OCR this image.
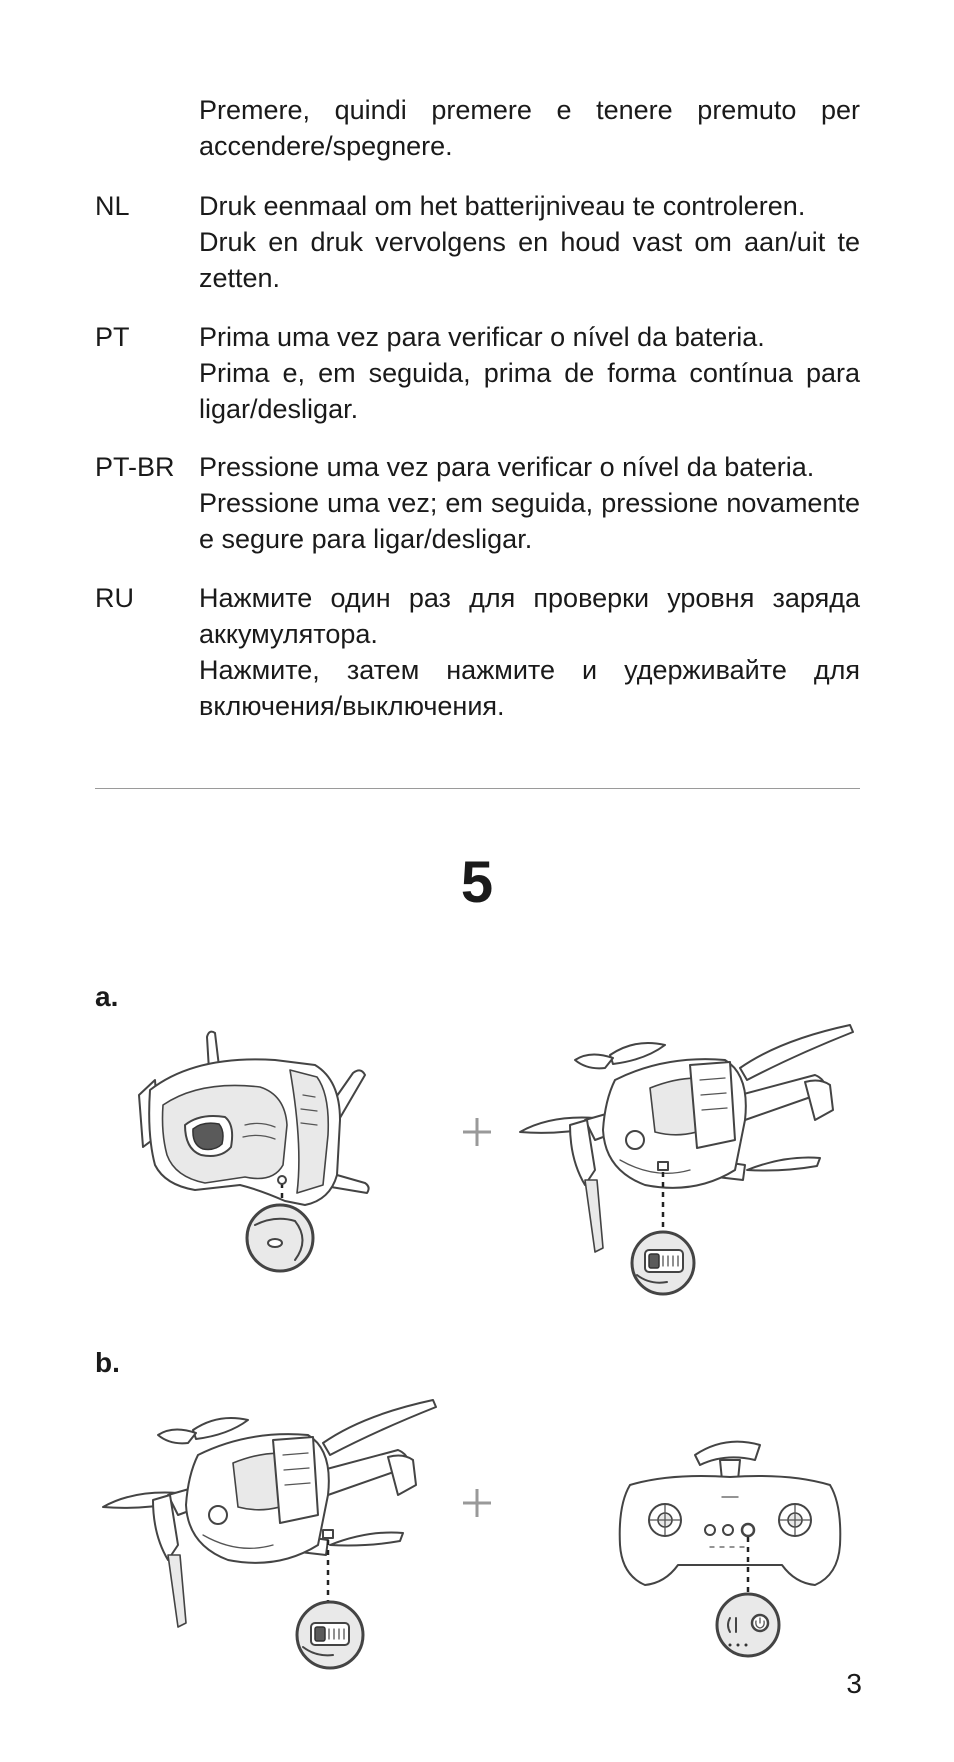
Premere, quindi premere e tenere premuto per accendere/spegnere.

NL	Druk eenmaal om het batterijniveau te controleren.

Druk en druk vervolgens en houd vast om aan/uit te zetten.

PT	Prima uma vez para verificar o nível da bateria.

Prima e, em seguida, prima de forma contínua para ligar/desligar.

PT-BR Pressione uma vez para verificar o nível da bateria.

Pressione uma vez; em seguida, pressione novamente e segure para ligar/desligar.

RU	Нажмите один раз для проверки уровня заряда аккумулятора.

Нажмите, затем нажмите и удерживайте для включения/выключения.

5
a.
b.
3
